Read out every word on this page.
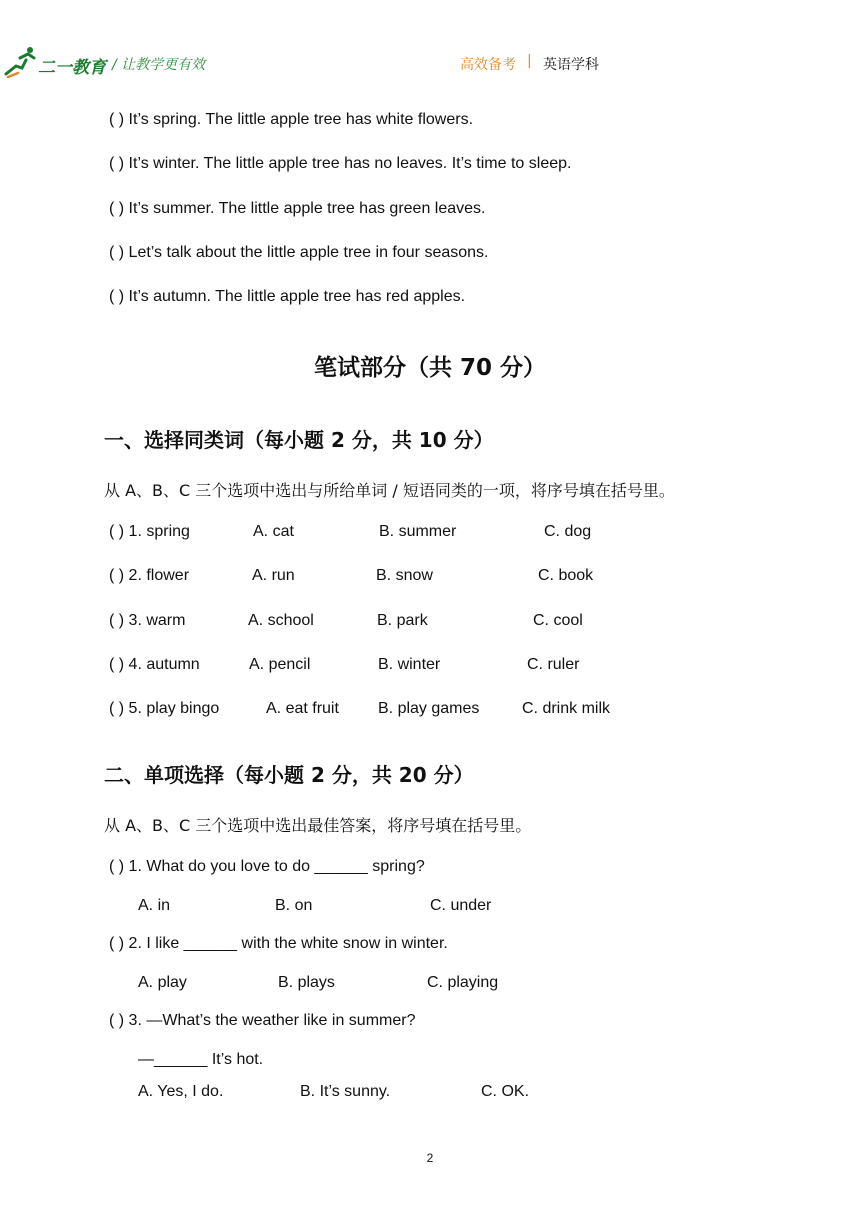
二一教育 / 让教学更有效	高效备考 | 英语学科
( ) It’s spring. The little apple tree has white flowers.
( ) It’s winter. The little apple tree has no leaves. It’s time to sleep.
( ) It’s summer. The little apple tree has green leaves.
( ) Let’s talk about the little apple tree in four seasons.
( ) It’s autumn. The little apple tree has red apples.
笔试部分（共 70 分）
一、选择同类词（每小题 2 分，共 10 分）
从 A、B、C 三个选项中选出与所给单词 / 短语同类的一项，将序号填在括号里。
( ) 1. spring	A. cat	B. summer	C. dog
( ) 2. flower	A. run	B. snow	C. book
( ) 3. warm	A. school	B. park	C. cool
( ) 4. autumn	A. pencil	B. winter	C. ruler
( ) 5. play bingo	A. eat fruit B. play games	C. drink milk
二、单项选择（每小题 2 分，共 20 分）
从 A、B、C 三个选项中选出最佳答案，将序号填在括号里。
( ) 1. What do you love to do ______ spring?
A. in	B. on	C. under
( ) 2. I like ______ with the white snow in winter.
A. play	B. plays	C. playing
( ) 3. —What’s the weather like in summer?
—______ It’s hot.
A. Yes, I do.	B. It’s sunny.	C. OK.
2
